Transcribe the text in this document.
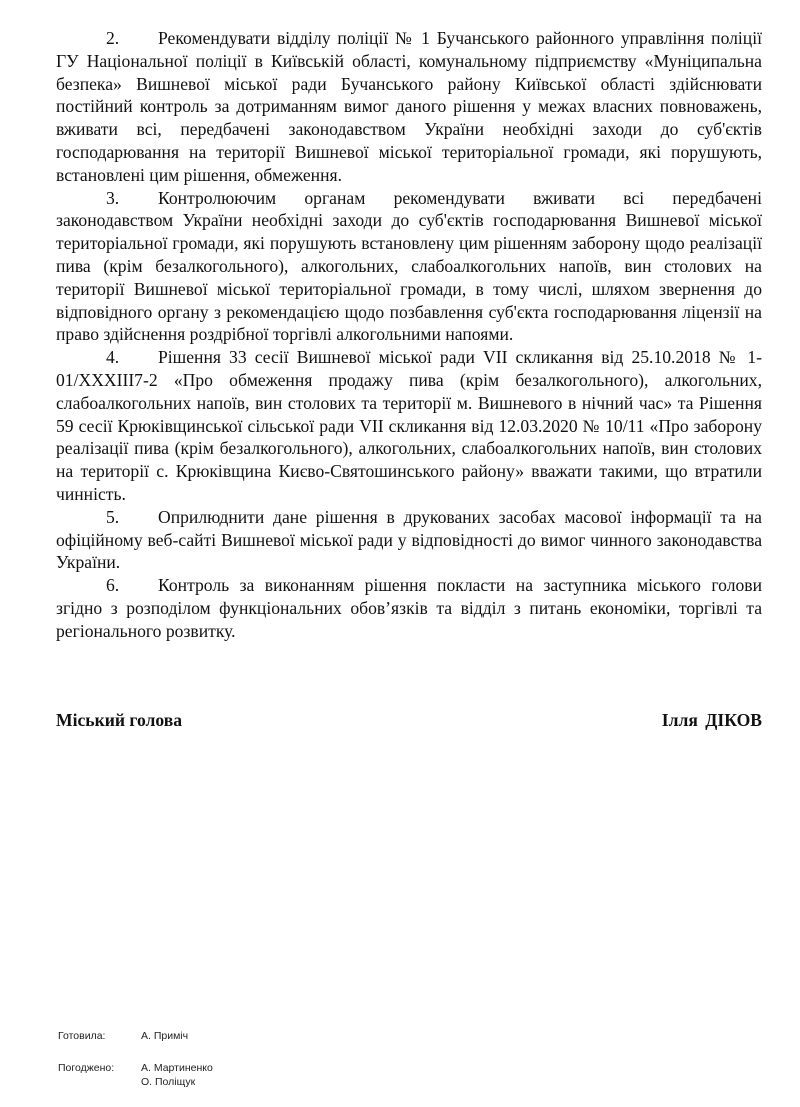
2. Рекомендувати відділу поліції № 1 Бучанського районного управління поліції ГУ Національної поліції в Київській області, комунальному підприємству «Муніципальна безпека» Вишневої міської ради Бучанського району Київської області здійснювати постійний контроль за дотриманням вимог даного рішення у межах власних повноважень, вживати всі, передбачені законодавством України необхідні заходи до суб'єктів господарювання на території Вишневої міської територіальної громади, які порушують, встановлені цим рішення, обмеження.

3. Контролюючим органам рекомендувати вживати всі передбачені законодавством України необхідні заходи до суб'єктів господарювання Вишневої міської територіальної громади, які порушують встановлену цим рішенням заборону щодо реалізації пива (крім безалкогольного), алкогольних, слабоалкогольних напоїв, вин столових на території Вишневої міської територіальної громади, в тому числі, шляхом звернення до відповідного органу з рекомендацією щодо позбавлення суб'єкта господарювання ліцензії на право здійснення роздрібної торгівлі алкогольними напоями.

4. Рішення 33 сесії Вишневої міської ради VII скликання від 25.10.2018 № 1-01/XXXIII7-2 «Про обмеження продажу пива (крім безалкогольного), алкогольних, слабоалкогольних напоїв, вин столових та території м. Вишневого в нічний час» та Рішення 59 сесії Крюківщинської сільської ради VII скликання від 12.03.2020 № 10/11 «Про заборону реалізації пива (крім безалкогольного), алкогольних, слабоалкогольних напоїв, вин столових на території с. Крюківщина Києво-Святошинського району» вважати такими, що втратили чинність.

5. Оприлюднити дане рішення в друкованих засобах масової інформації та на офіційному веб-сайті Вишневої міської ради у відповідності до вимог чинного законодавства України.

6. Контроль за виконанням рішення покласти на заступника міського голови згідно з розподілом функціональних обов’язків та відділ з питань економіки, торгівлі та регіонального розвитку.

Міський голова	Ілля ДІКОВ
Готовила:	А. Приміч
Погоджено:	А. Мартиненко
О. Поліщук
